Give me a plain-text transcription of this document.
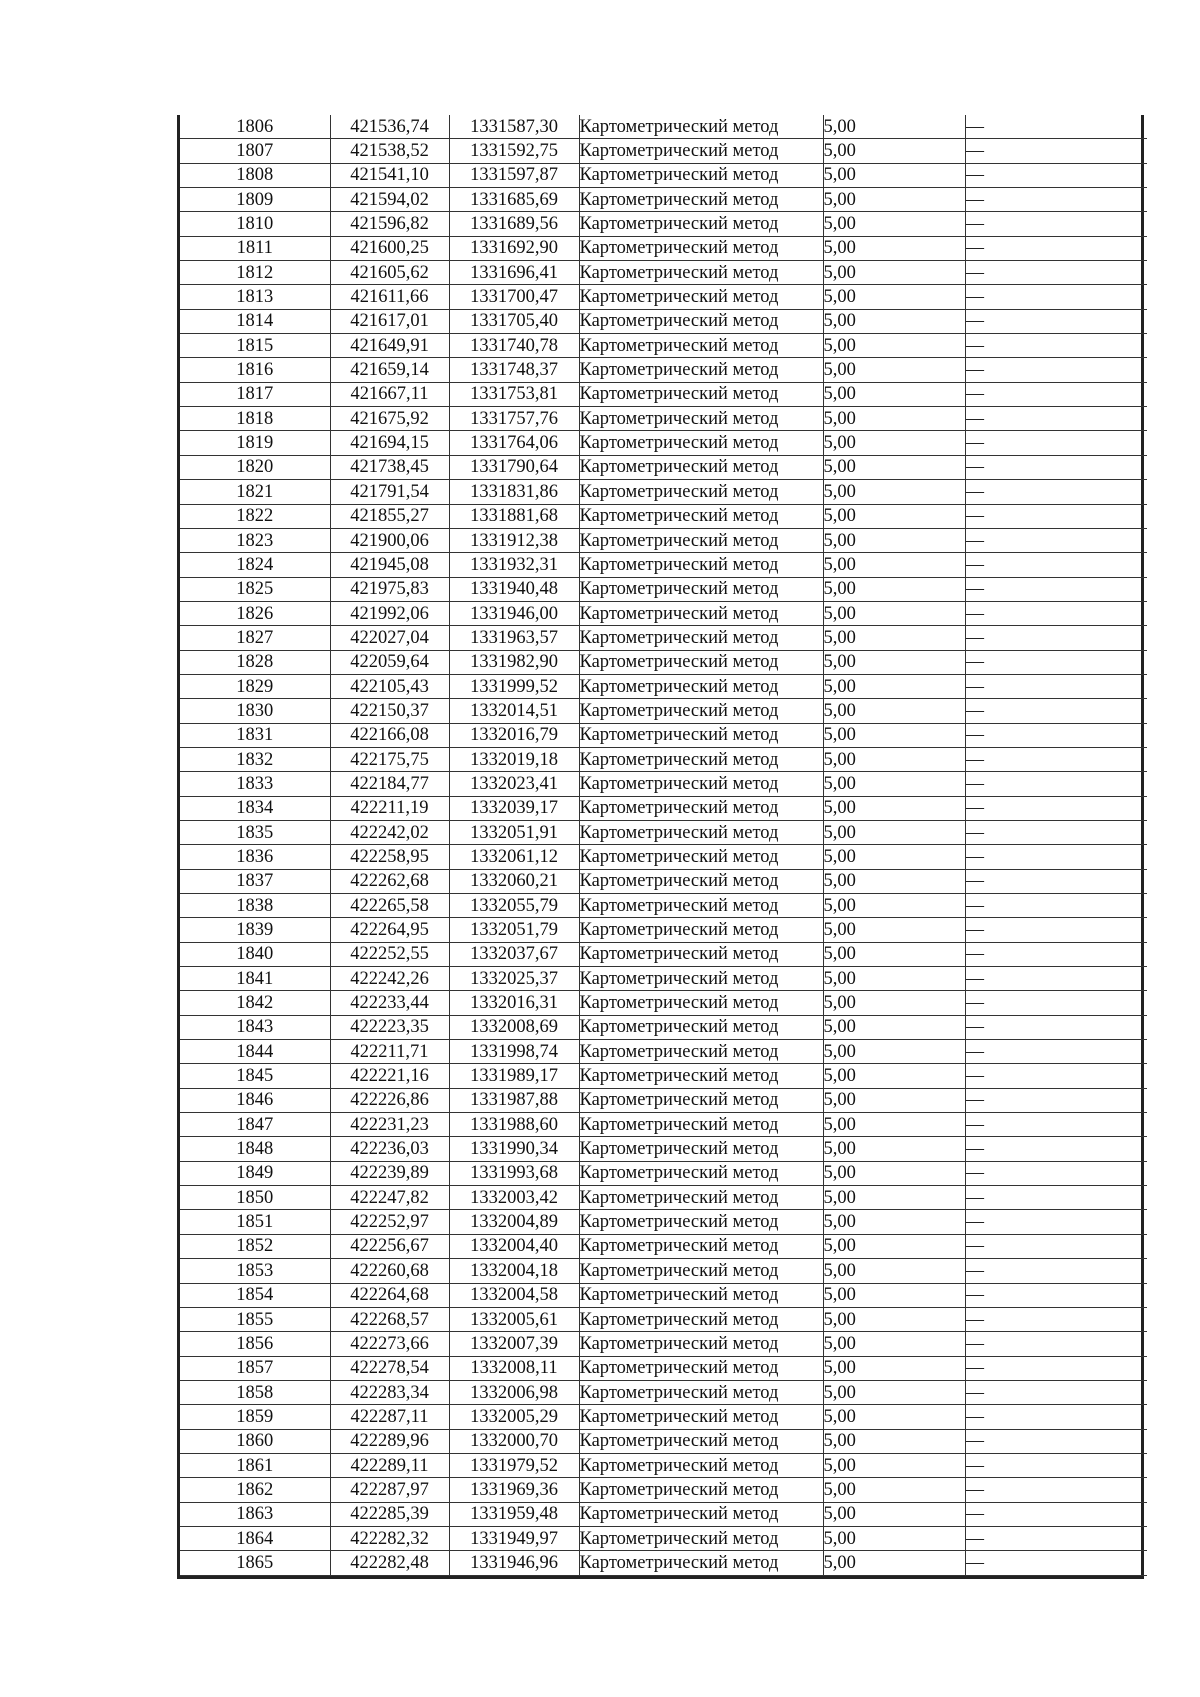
1806	421536,74	1331587,30	Картометрический метод	5,00	—
1807	421538,52	1331592,75	Картометрический метод	5,00	—
1808	421541,10	1331597,87	Картометрический метод	5,00	—
1809	421594,02	1331685,69	Картометрический метод	5,00	—
1810	421596,82	1331689,56	Картометрический метод	5,00	—
1811	421600,25	1331692,90	Картометрический метод	5,00	—
1812	421605,62	1331696,41	Картометрический метод	5,00	—
1813	421611,66	1331700,47	Картометрический метод	5,00	—
1814	421617,01	1331705,40	Картометрический метод	5,00	—
1815	421649,91	1331740,78	Картометрический метод	5,00	—
1816	421659,14	1331748,37	Картометрический метод	5,00	—
1817	421667,11	1331753,81	Картометрический метод	5,00	—
1818	421675,92	1331757,76	Картометрический метод	5,00	—
1819	421694,15	1331764,06	Картометрический метод	5,00	—
1820	421738,45	1331790,64	Картометрический метод	5,00	—
1821	421791,54	1331831,86	Картометрический метод	5,00	—
1822	421855,27	1331881,68	Картометрический метод	5,00	—
1823	421900,06	1331912,38	Картометрический метод	5,00	—
1824	421945,08	1331932,31	Картометрический метод	5,00	—
1825	421975,83	1331940,48	Картометрический метод	5,00	—
1826	421992,06	1331946,00	Картометрический метод	5,00	—
1827	422027,04	1331963,57	Картометрический метод	5,00	—
1828	422059,64	1331982,90	Картометрический метод	5,00	—
1829	422105,43	1331999,52	Картометрический метод	5,00	—
1830	422150,37	1332014,51	Картометрический метод	5,00	—
1831	422166,08	1332016,79	Картометрический метод	5,00	—
1832	422175,75	1332019,18	Картометрический метод	5,00	—
1833	422184,77	1332023,41	Картометрический метод	5,00	—
1834	422211,19	1332039,17	Картометрический метод	5,00	—
1835	422242,02	1332051,91	Картометрический метод	5,00	—
1836	422258,95	1332061,12	Картометрический метод	5,00	—
1837	422262,68	1332060,21	Картометрический метод	5,00	—
1838	422265,58	1332055,79	Картометрический метод	5,00	—
1839	422264,95	1332051,79	Картометрический метод	5,00	—
1840	422252,55	1332037,67	Картометрический метод	5,00	—
1841	422242,26	1332025,37	Картометрический метод	5,00	—
1842	422233,44	1332016,31	Картометрический метод	5,00	—
1843	422223,35	1332008,69	Картометрический метод	5,00	—
1844	422211,71	1331998,74	Картометрический метод	5,00	—
1845	422221,16	1331989,17	Картометрический метод	5,00	—
1846	422226,86	1331987,88	Картометрический метод	5,00	—
1847	422231,23	1331988,60	Картометрический метод	5,00	—
1848	422236,03	1331990,34	Картометрический метод	5,00	—
1849	422239,89	1331993,68	Картометрический метод	5,00	—
1850	422247,82	1332003,42	Картометрический метод	5,00	—
1851	422252,97	1332004,89	Картометрический метод	5,00	—
1852	422256,67	1332004,40	Картометрический метод	5,00	—
1853	422260,68	1332004,18	Картометрический метод	5,00	—
1854	422264,68	1332004,58	Картометрический метод	5,00	—
1855	422268,57	1332005,61	Картометрический метод	5,00	—
1856	422273,66	1332007,39	Картометрический метод	5,00	—
1857	422278,54	1332008,11	Картометрический метод	5,00	—
1858	422283,34	1332006,98	Картометрический метод	5,00	—
1859	422287,11	1332005,29	Картометрический метод	5,00	—
1860	422289,96	1332000,70	Картометрический метод	5,00	—
1861	422289,11	1331979,52	Картометрический метод	5,00	—
1862	422287,97	1331969,36	Картометрический метод	5,00	—
1863	422285,39	1331959,48	Картометрический метод	5,00	—
1864	422282,32	1331949,97	Картометрический метод	5,00	—
1865	422282,48	1331946,96	Картометрический метод	5,00	—
